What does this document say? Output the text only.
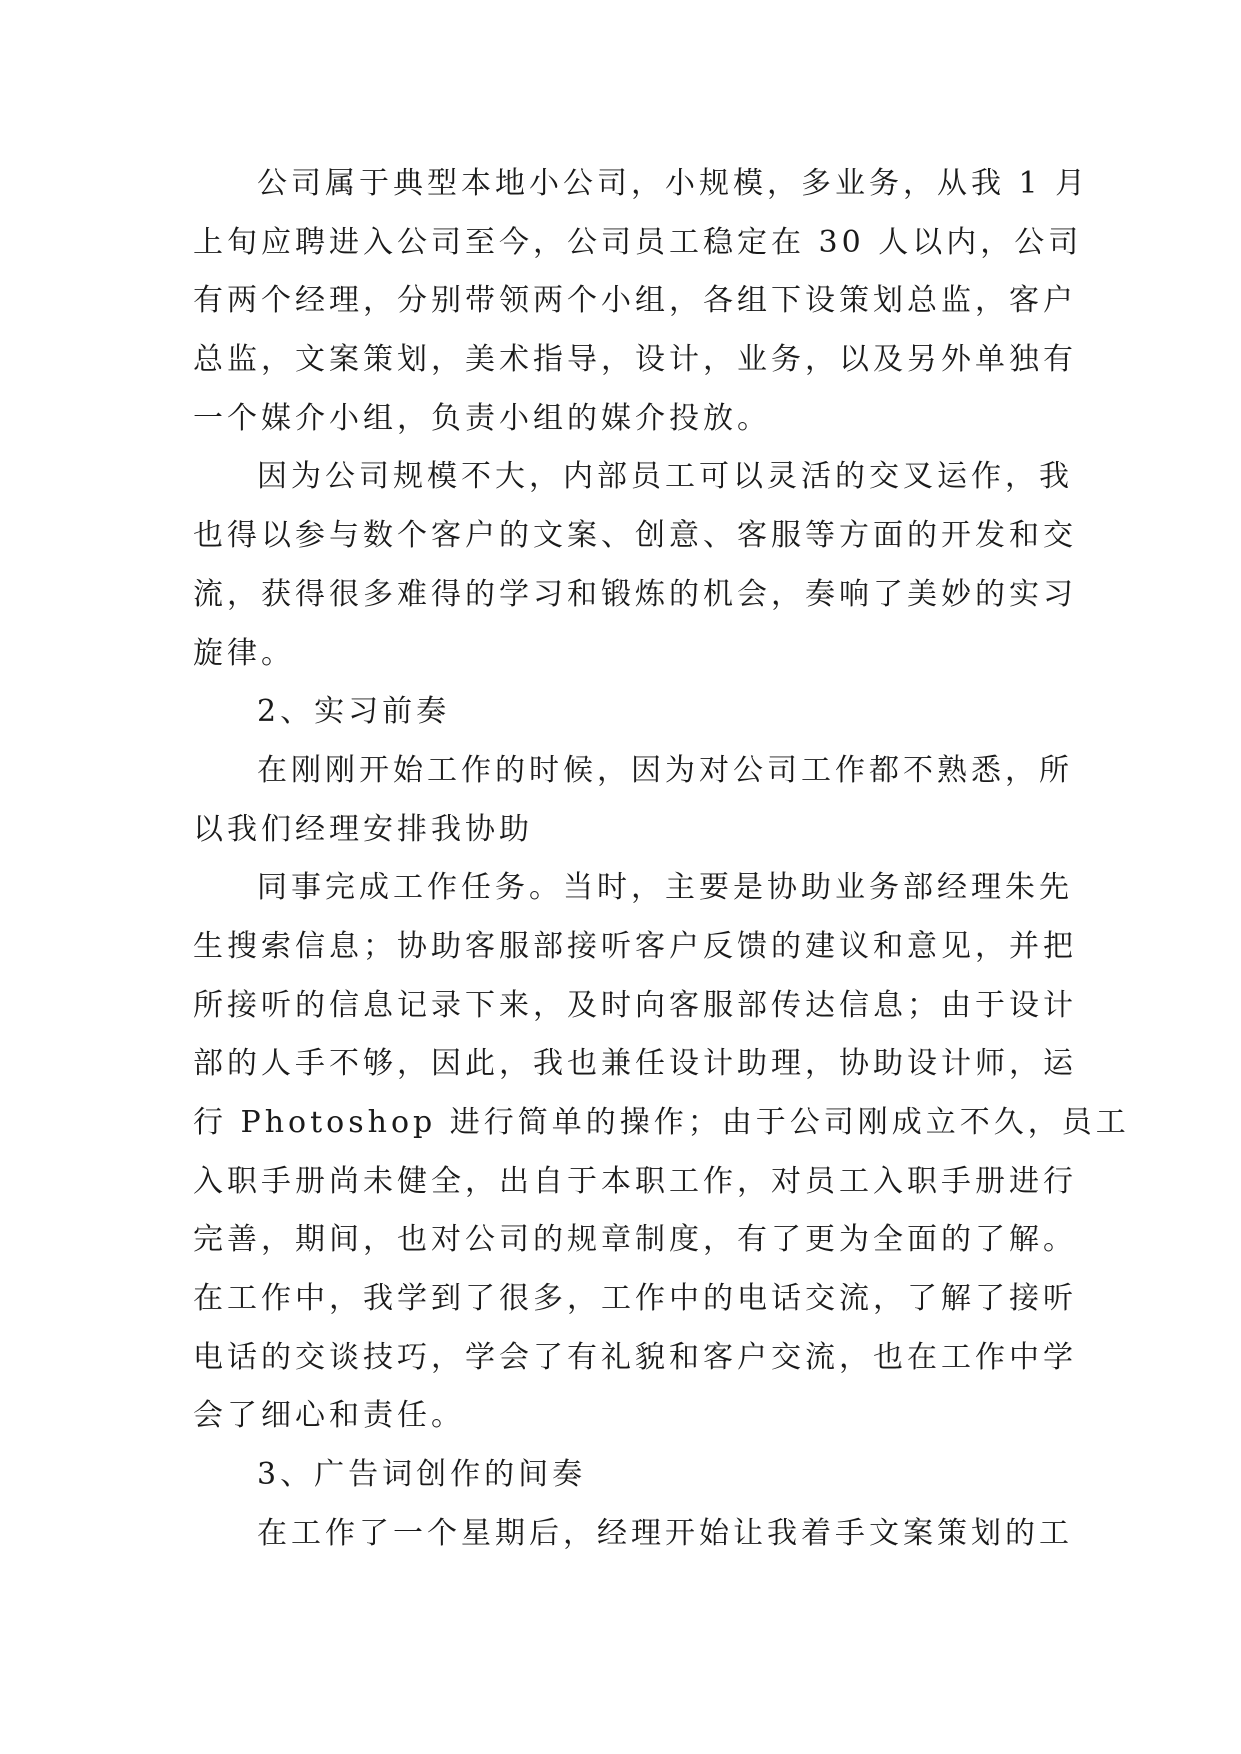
公司属于典型本地小公司，小规模，多业务，从我 1 月
上旬应聘进入公司至今，公司员工稳定在 30 人以内，公司
有两个经理，分别带领两个小组，各组下设策划总监，客户
总监，文案策划，美术指导，设计，业务，以及另外单独有
一个媒介小组，负责小组的媒介投放。
因为公司规模不大，内部员工可以灵活的交叉运作，我
也得以参与数个客户的文案、创意、客服等方面的开发和交
流，获得很多难得的学习和锻炼的机会，奏响了美妙的实习
旋律。
2、实习前奏
在刚刚开始工作的时候，因为对公司工作都不熟悉，所
以我们经理安排我协助
同事完成工作任务。当时，主要是协助业务部经理朱先
生搜索信息；协助客服部接听客户反馈的建议和意见，并把
所接听的信息记录下来，及时向客服部传达信息；由于设计
部的人手不够，因此，我也兼任设计助理，协助设计师，运
行 Photoshop 进行简单的操作；由于公司刚成立不久，员工
入职手册尚未健全，出自于本职工作，对员工入职手册进行
完善，期间，也对公司的规章制度，有了更为全面的了解。
在工作中，我学到了很多，工作中的电话交流，了解了接听
电话的交谈技巧，学会了有礼貌和客户交流，也在工作中学
会了细心和责任。
3、广告词创作的间奏
在工作了一个星期后，经理开始让我着手文案策划的工
